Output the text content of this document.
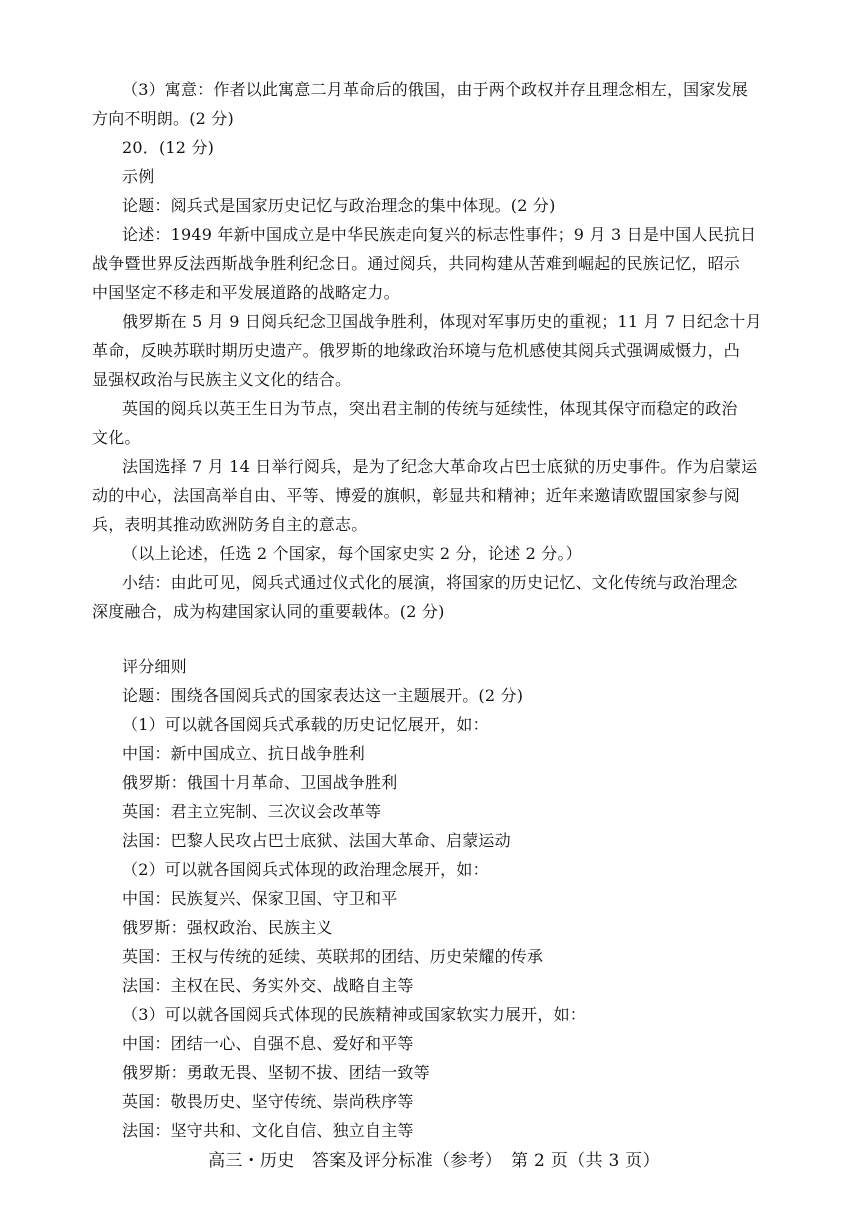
（3）寓意：作者以此寓意二月革命后的俄国，由于两个政权并存且理念相左，国家发展
方向不明朗。(2 分)
20．(12 分)
示例
论题：阅兵式是国家历史记忆与政治理念的集中体现。(2 分)
论述：1949 年新中国成立是中华民族走向复兴的标志性事件；9 月 3 日是中国人民抗日
战争暨世界反法西斯战争胜利纪念日。通过阅兵，共同构建从苦难到崛起的民族记忆，昭示
中国坚定不移走和平发展道路的战略定力。
俄罗斯在 5 月 9 日阅兵纪念卫国战争胜利，体现对军事历史的重视；11 月 7 日纪念十月
革命，反映苏联时期历史遗产。俄罗斯的地缘政治环境与危机感使其阅兵式强调威慑力，凸
显强权政治与民族主义文化的结合。
英国的阅兵以英王生日为节点，突出君主制的传统与延续性，体现其保守而稳定的政治
文化。
法国选择 7 月 14 日举行阅兵，是为了纪念大革命攻占巴士底狱的历史事件。作为启蒙运
动的中心，法国高举自由、平等、博爱的旗帜，彰显共和精神；近年来邀请欧盟国家参与阅
兵，表明其推动欧洲防务自主的意志。
（以上论述，任选 2 个国家，每个国家史实 2 分，论述 2 分。）
小结：由此可见，阅兵式通过仪式化的展演，将国家的历史记忆、文化传统与政治理念
深度融合，成为构建国家认同的重要载体。(2 分)
评分细则
论题：围绕各国阅兵式的国家表达这一主题展开。(2 分)
（1）可以就各国阅兵式承载的历史记忆展开，如：
中国：新中国成立、抗日战争胜利
俄罗斯：俄国十月革命、卫国战争胜利
英国：君主立宪制、三次议会改革等
法国：巴黎人民攻占巴士底狱、法国大革命、启蒙运动
（2）可以就各国阅兵式体现的政治理念展开，如：
中国：民族复兴、保家卫国、守卫和平
俄罗斯：强权政治、民族主义
英国：王权与传统的延续、英联邦的团结、历史荣耀的传承
法国：主权在民、务实外交、战略自主等
（3）可以就各国阅兵式体现的民族精神或国家软实力展开，如：
中国：团结一心、自强不息、爱好和平等
俄罗斯：勇敢无畏、坚韧不拔、团结一致等
英国：敬畏历史、坚守传统、崇尚秩序等
法国：坚守共和、文化自信、独立自主等
高三・历史　答案及评分标准（参考）　第 2 页（共 3 页）
